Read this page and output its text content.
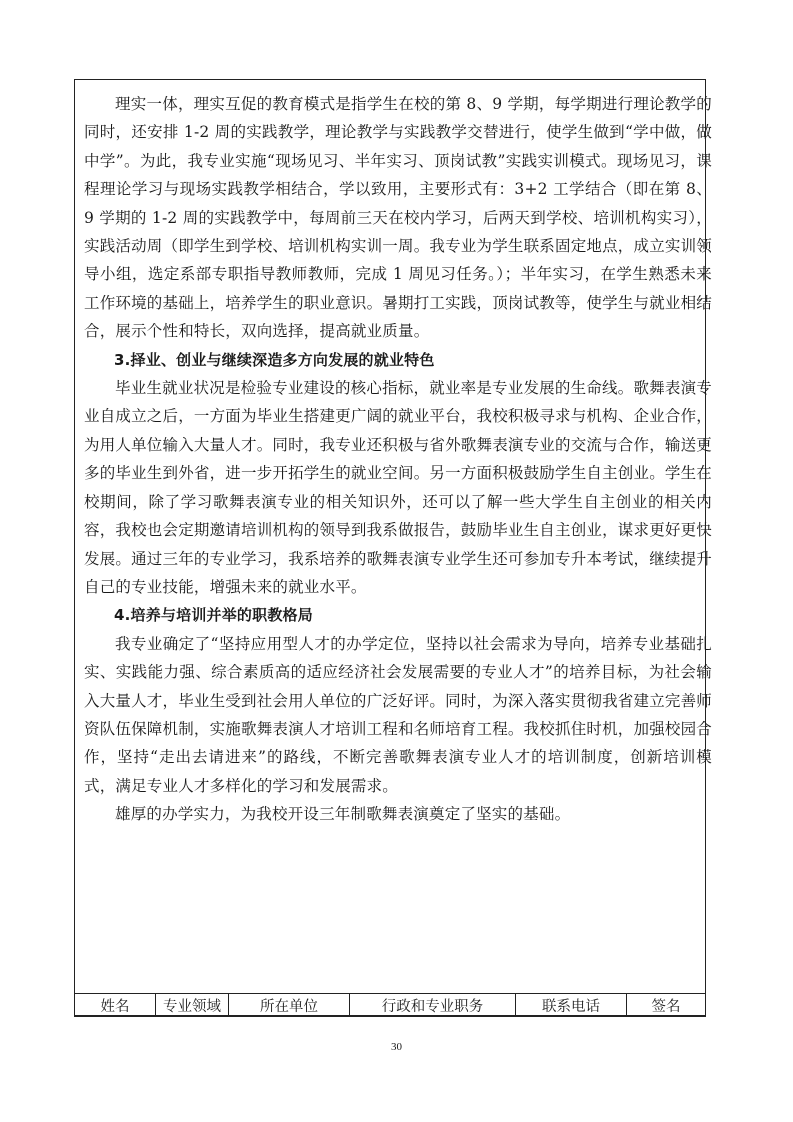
理实一体，理实互促的教育模式是指学生在校的第 8、9 学期，每学期进行理论教学的同时，还安排 1-2 周的实践教学，理论教学与实践教学交替进行，使学生做到“学中做，做中学”。为此，我专业实施“现场见习、半年实习、顶岗试教”实践实训模式。现场见习，课程理论学习与现场实践教学相结合，学以致用，主要形式有：3+2 工学结合（即在第 8、9 学期的 1-2 周的实践教学中，每周前三天在校内学习，后两天到学校、培训机构实习），实践活动周（即学生到学校、培训机构实训一周。我专业为学生联系固定地点，成立实训领导小组，选定系部专职指导教师教师，完成 1 周见习任务。）；半年实习，在学生熟悉未来工作环境的基础上，培养学生的职业意识。暑期打工实践，顶岗试教等，使学生与就业相结合，展示个性和特长，双向选择，提高就业质量。

3.择业、创业与继续深造多方向发展的就业特色

毕业生就业状况是检验专业建设的核心指标，就业率是专业发展的生命线。歌舞表演专业自成立之后，一方面为毕业生搭建更广阔的就业平台，我校积极寻求与机构、企业合作，为用人单位输入大量人才。同时，我专业还积极与省外歌舞表演专业的交流与合作，输送更多的毕业生到外省，进一步开拓学生的就业空间。另一方面积极鼓励学生自主创业。学生在校期间，除了学习歌舞表演专业的相关知识外，还可以了解一些大学生自主创业的相关内容，我校也会定期邀请培训机构的领导到我系做报告，鼓励毕业生自主创业，谋求更好更快发展。通过三年的专业学习，我系培养的歌舞表演专业学生还可参加专升本考试，继续提升自己的专业技能，增强未来的就业水平。

4.培养与培训并举的职教格局

我专业确定了“坚持应用型人才的办学定位，坚持以社会需求为导向，培养专业基础扎实、实践能力强、综合素质高的适应经济社会发展需要的专业人才”的培养目标，为社会输入大量人才，毕业生受到社会用人单位的广泛好评。同时，为深入落实贯彻我省建立完善师资队伍保障机制，实施歌舞表演人才培训工程和名师培育工程。我校抓住时机，加强校园合作，坚持“走出去请进来”的路线，不断完善歌舞表演专业人才的培训制度，创新培训模式，满足专业人才多样化的学习和发展需求。

雄厚的办学实力，为我校开设三年制歌舞表演奠定了坚实的基础。

姓名	专业领域	所在单位	行政和专业职务	联系电话	签名
30
